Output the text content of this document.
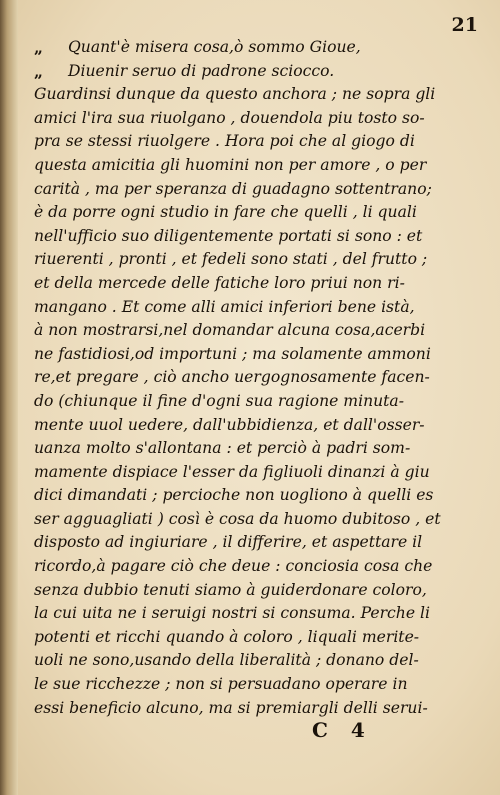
21
„	Quant'è misera cosa,ò sommo Gioue,
„	Diuenir seruo di padrone sciocco.
Guardinsi dunque da questo anchora ; ne sopra gli
amici l'ira sua riuolgano , douendola piu tosto so-
pra se stessi riuolgere . Hora poi che al giogo di
questa amicitia gli huomini non per amore , o per
carità , ma per speranza di guadagno sottentrano;
è da porre ogni studio in fare che quelli , li quali
nell'ufficio suo diligentemente portati si sono : et
riuerenti , pronti , et fedeli sono stati , del frutto ;
et della mercede delle fatiche loro priui non ri-
mangano . Et come alli amici inferiori bene istà,
à non mostrarsi,nel domandar alcuna cosa,acerbi
ne fastidiosi,od importuni ; ma solamente ammoni
re,et pregare , ciò ancho uergognosamente facen-
do (chiunque il fine d'ogni sua ragione minuta-
mente uuol uedere, dall'ubbidienza, et dall'osser-
uanza molto s'allontana : et perciò à padri som-
mamente dispiace l'esser da figliuoli dinanzi à giu
dici dimandati ; percioche non uogliono à quelli es
ser agguagliati ) così è cosa da huomo dubitoso , et
disposto ad ingiuriare , il differire, et aspettare il
ricordo,à pagare ciò che deue : conciosia cosa che
senza dubbio tenuti siamo à guiderdonare coloro,
la cui uita ne i seruigi nostri si consuma. Perche li
potenti et ricchi quando à coloro , liquali merite-
uoli ne sono,usando della liberalità ; donano del-
le sue ricchezze ; non si persuadano operare in
essi beneficio alcuno, ma si premiargli delli serui-
C 4
